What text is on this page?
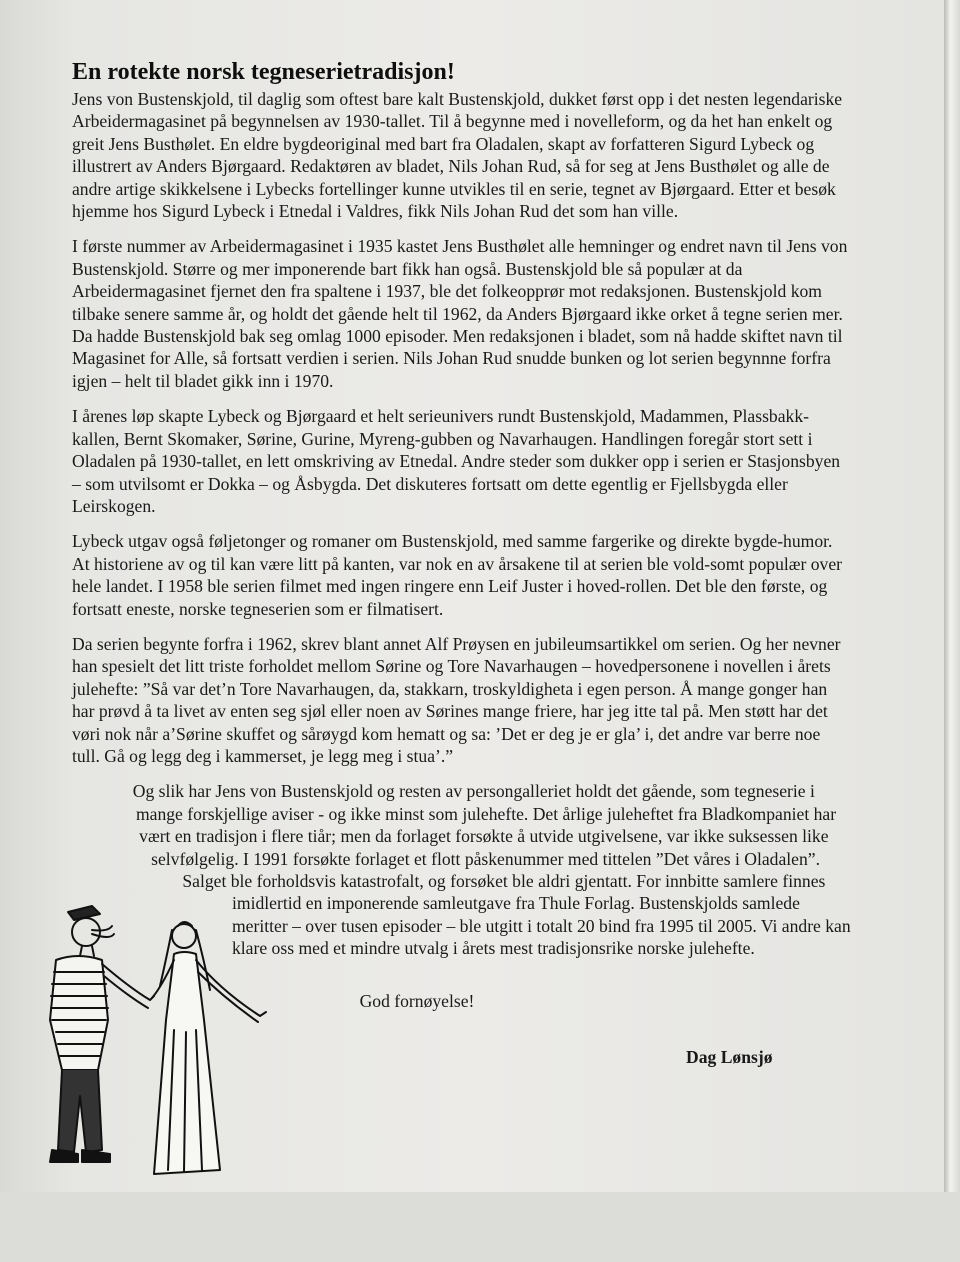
En rotekte norsk tegneserietradisjon!

Jens von Bustenskjold, til daglig som oftest bare kalt Bustenskjold, dukket først opp i det nesten legendariske Arbeidermagasinet på begynnelsen av 1930-tallet. Til å begynne med i novelleform, og da het han enkelt og greit Jens Busthølet. En eldre bygdeoriginal med bart fra Oladalen, skapt av forfatteren Sigurd Lybeck og illustrert av Anders Bjørgaard. Redaktøren av bladet, Nils Johan Rud, så for seg at Jens Busthølet og alle de andre artige skikkelsene i Lybecks fortellinger kunne utvikles til en serie, tegnet av Bjørgaard. Etter et besøk hjemme hos Sigurd Lybeck i Etnedal i Valdres, fikk Nils Johan Rud det som han ville.

I første nummer av Arbeidermagasinet i 1935 kastet Jens Busthølet alle hemninger og endret navn til Jens von Bustenskjold. Større og mer imponerende bart fikk han også. Bustenskjold ble så populær at da Arbeidermagasinet fjernet den fra spaltene i 1937, ble det folkeopprør mot redaksjonen. Bustenskjold kom tilbake senere samme år, og holdt det gående helt til 1962, da Anders Bjørgaard ikke orket å tegne serien mer. Da hadde Bustenskjold bak seg omlag 1000 episoder. Men redaksjonen i bladet, som nå hadde skiftet navn til Magasinet for Alle, så fortsatt verdien i serien. Nils Johan Rud snudde bunken og lot serien begynnne forfra igjen – helt til bladet gikk inn i 1970.

I årenes løp skapte Lybeck og Bjørgaard et helt serieunivers rundt Bustenskjold, Madammen, Plassbakk-kallen, Bernt Skomaker, Sørine, Gurine, Myreng-gubben og Navarhaugen. Handlingen foregår stort sett i Oladalen på 1930-tallet, en lett omskriving av Etnedal. Andre steder som dukker opp i serien er Stasjonsbyen – som utvilsomt er Dokka – og Åsbygda. Det diskuteres fortsatt om dette egentlig er Fjellsbygda eller Leirskogen.

Lybeck utgav også føljetonger og romaner om Bustenskjold, med samme fargerike og direkte bygde-humor. At historiene av og til kan være litt på kanten, var nok en av årsakene til at serien ble vold-somt populær over hele landet. I 1958 ble serien filmet med ingen ringere enn Leif Juster i hoved-rollen. Det ble den første, og fortsatt eneste, norske tegneserien som er filmatisert.

Da serien begynte forfra i 1962, skrev blant annet Alf Prøysen en jubileumsartikkel om serien. Og her nevner han spesielt det litt triste forholdet mellom Sørine og Tore Navarhaugen – hovedpersonene i novellen i årets julehefte: ”Så var det’n Tore Navarhaugen, da, stakkarn, troskyldigheta i egen person. Å mange gonger han har prøvd å ta livet av enten seg sjøl eller noen av Sørines mange friere, har jeg itte tal på. Men støtt har det vøri nok når a’Sørine skuffet og sårøygd kom hematt og sa: ’Det er deg je er gla’ i, det andre var berre noe tull. Gå og legg deg i kammerset, je legg meg i stua’.”

Og slik har Jens von Bustenskjold og resten av persongalleriet holdt det gående, som tegneserie i mange forskjellige aviser - og ikke minst som julehefte. Det årlige juleheftet fra Bladkompaniet har vært en tradisjon i flere tiår; men da forlaget forsøkte å utvide utgivelsene, var ikke suksessen like selvfølgelig. I 1991 forsøkte forlaget et flott påskenummer med tittelen ”Det våres i Oladalen”. Salget ble forholdsvis katastrofalt, og forsøket ble aldri gjentatt. For innbitte samlere finnes imidlertid en imponerende samleutgave fra Thule Forlag. Bustenskjolds samlede meritter – over tusen episoder – ble utgitt i totalt 20 bind fra 1995 til 2005. Vi andre kan klare oss med et mindre utvalg i årets mest tradisjonsrike norske julehefte.

God fornøyelse!
Dag Lønsjø
